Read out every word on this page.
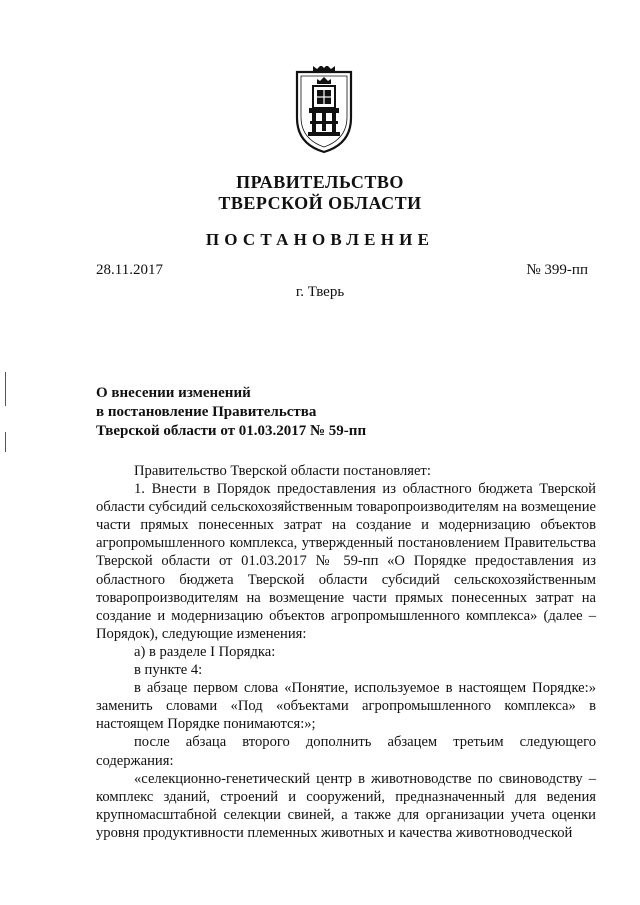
ПРАВИТЕЛЬСТВО
ТВЕРСКОЙ ОБЛАСТИ
ПОСТАНОВЛЕНИЕ
28.11.2017	№ 399-пп
г. Тверь
О внесении изменений
в постановление Правительства
Тверской области от 01.03.2017 № 59-пп

Правительство Тверской области постановляет:

1. Внести в Порядок предоставления из областного бюджета Тверской области субсидий сельскохозяйственным товаропроизводителям на возмещение части прямых понесенных затрат на создание и модернизацию объектов агропромышленного комплекса, утвержденный постановлением Правительства Тверской области от 01.03.2017 № 59-пп «О Порядке предоставления из областного бюджета Тверской области субсидий сельскохозяйственным товаропроизводителям на возмещение части прямых понесенных затрат на создание и модернизацию объектов агропромышленного комплекса» (далее – Порядок), следующие изменения:

а) в разделе I Порядка:

в пункте 4:

в абзаце первом слова «Понятие, используемое в настоящем Порядке:» заменить словами «Под «объектами агропромышленного комплекса» в настоящем Порядке понимаются:»;

после абзаца второго дополнить абзацем третьим следующего содержания:

«селекционно-генетический центр в животноводстве по свиноводству – комплекс зданий, строений и сооружений, предназначенный для ведения крупномасштабной селекции свиней, а также для организации учета оценки уровня продуктивности племенных животных и качества животноводческой
